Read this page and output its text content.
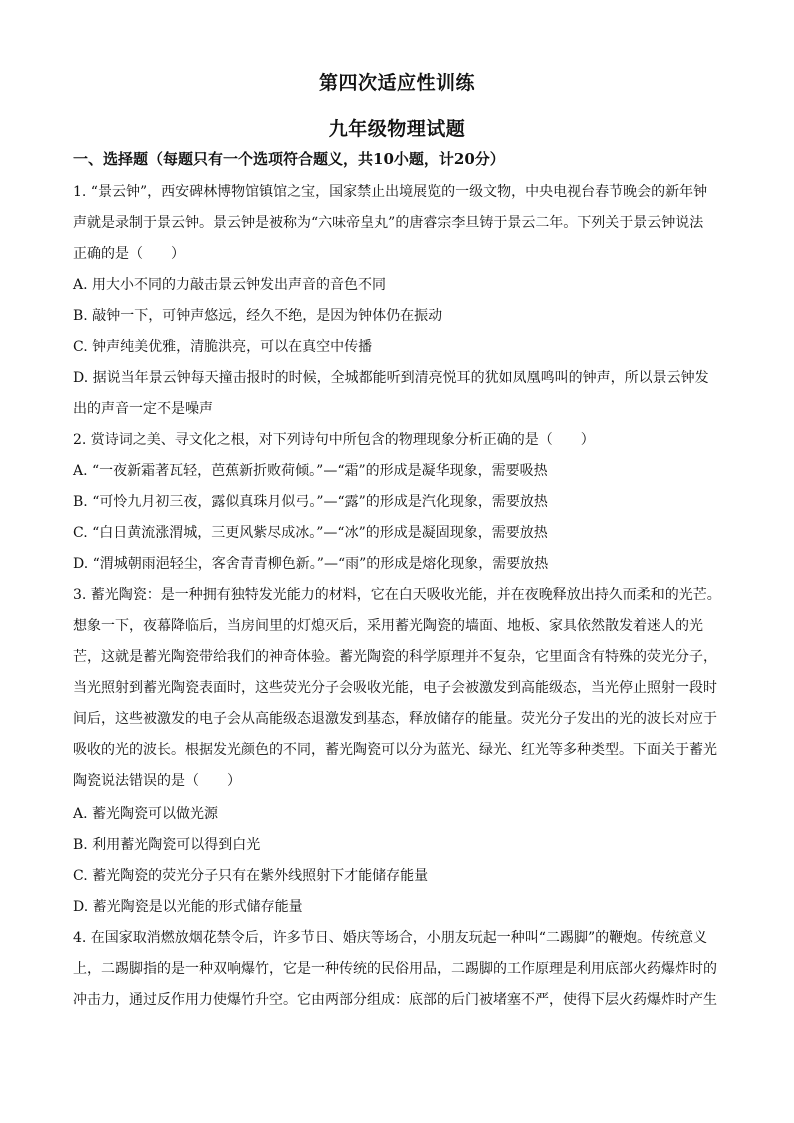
第四次适应性训练
九年级物理试题
一、选择题（每题只有一个选项符合题义，共10小题，计20分）
1. “景云钟”，西安碑林博物馆镇馆之宝，国家禁止出境展览的一级文物，中央电视台春节晚会的新年钟
声就是录制于景云钟。景云钟是被称为“六味帝皇丸”的唐睿宗李旦铸于景云二年。下列关于景云钟说法
正确的是（　　）
A. 用大小不同的力敲击景云钟发出声音的音色不同
B. 敲钟一下，可钟声悠远，经久不绝，是因为钟体仍在振动
C. 钟声纯美优雅，清脆洪亮，可以在真空中传播
D. 据说当年景云钟每天撞击报时的时候，全城都能听到清亮悦耳的犹如凤凰鸣叫的钟声，所以景云钟发
出的声音一定不是噪声
2. 赏诗词之美、寻文化之根，对下列诗句中所包含的物理现象分析正确的是（　　）
A. “一夜新霜著瓦轻，芭蕉新折败荷倾。”—“霜”的形成是凝华现象，需要吸热
B. “可怜九月初三夜，露似真珠月似弓。”—“露”的形成是汽化现象，需要放热
C. “白日黄流涨渭城，三更风紫尽成冰。”—“冰”的形成是凝固现象，需要放热
D. “渭城朝雨浥轻尘，客舍青青柳色新。”—“雨”的形成是熔化现象，需要放热
3. 蓄光陶瓷：是一种拥有独特发光能力的材料，它在白天吸收光能，并在夜晚释放出持久而柔和的光芒。
想象一下，夜幕降临后，当房间里的灯熄灭后，采用蓄光陶瓷的墙面、地板、家具依然散发着迷人的光
芒，这就是蓄光陶瓷带给我们的神奇体验。蓄光陶瓷的科学原理并不复杂，它里面含有特殊的荧光分子，
当光照射到蓄光陶瓷表面时，这些荧光分子会吸收光能，电子会被激发到高能级态，当光停止照射一段时
间后，这些被激发的电子会从高能级态退激发到基态，释放储存的能量。荧光分子发出的光的波长对应于
吸收的光的波长。根据发光颜色的不同，蓄光陶瓷可以分为蓝光、绿光、红光等多种类型。下面关于蓄光
陶瓷说法错误的是（　　）
A. 蓄光陶瓷可以做光源
B. 利用蓄光陶瓷可以得到白光
C. 蓄光陶瓷的荧光分子只有在紫外线照射下才能储存能量
D. 蓄光陶瓷是以光能的形式储存能量
4. 在国家取消燃放烟花禁令后，许多节日、婚庆等场合，小朋友玩起一种叫“二踢脚”的鞭炮。传统意义
上，二踢脚指的是一种双响爆竹，它是一种传统的民俗用品，二踢脚的工作原理是利用底部火药爆炸时的
冲击力，通过反作用力使爆竹升空。它由两部分组成：底部的后门被堵塞不严，使得下层火药爆炸时产生
